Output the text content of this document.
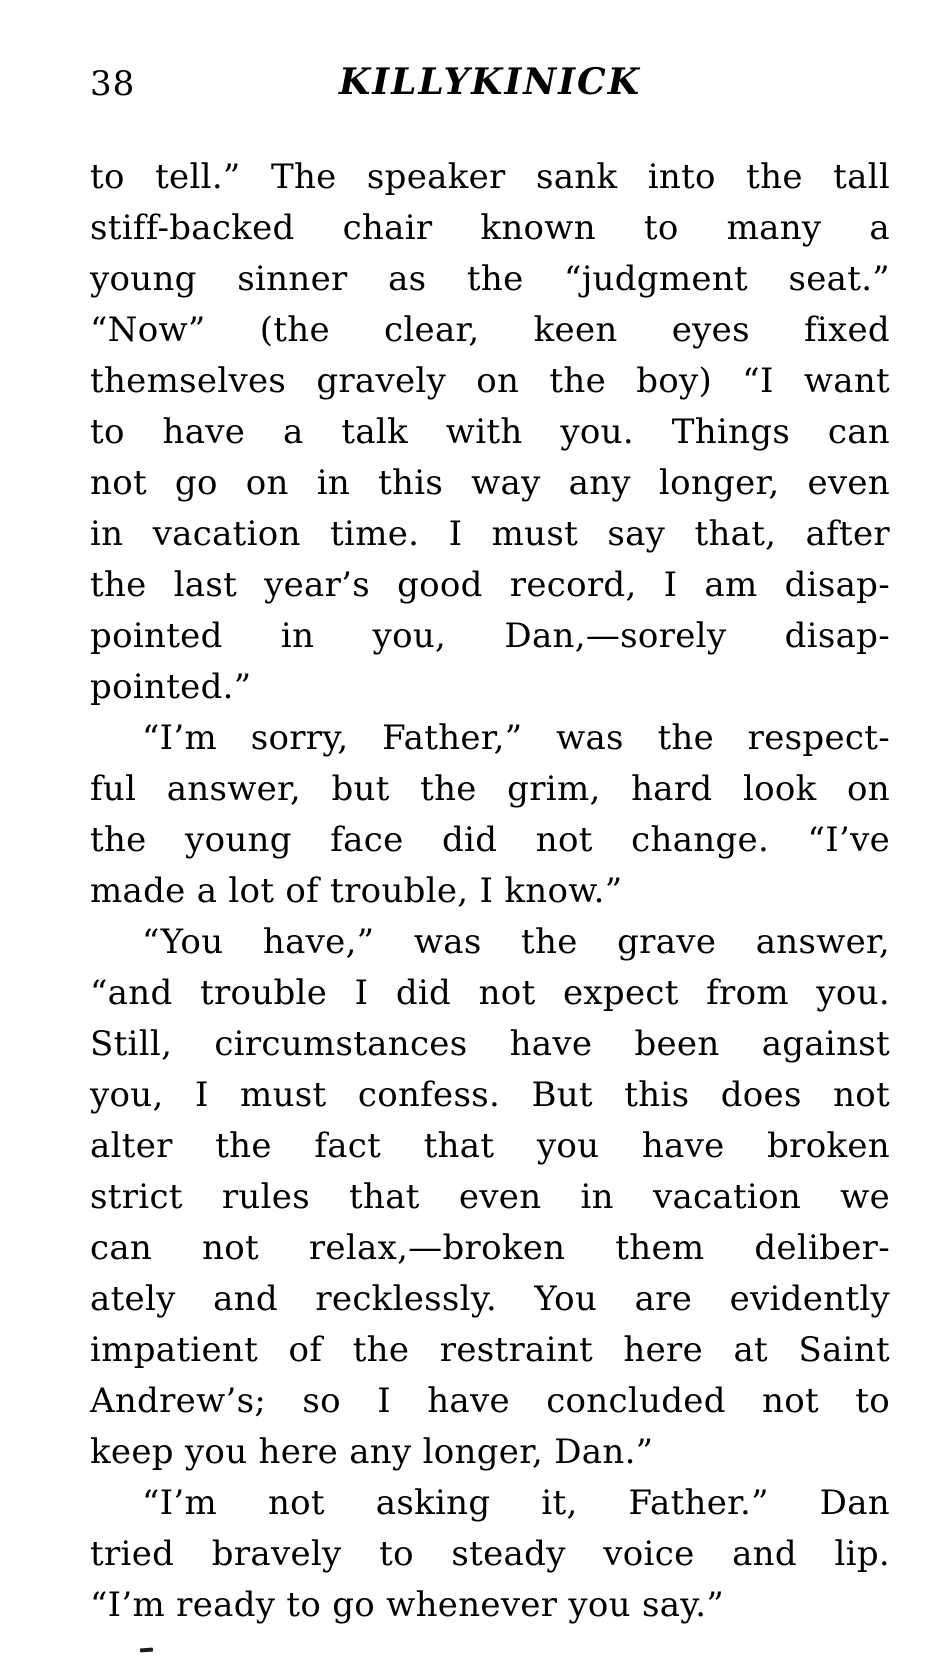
38	KILLYKINICK
to tell.” The speaker sank into the tall
stiff-backed chair known to many a
young sinner as the “judgment seat.”
“Now” (the clear, keen eyes fixed
themselves gravely on the boy) “I want
to have a talk with you. Things can
not go on in this way any longer, even
in vacation time. I must say that, after
the last year’s good record, I am disap-
pointed in you, Dan,—sorely disap-
pointed.”
“I’m sorry, Father,” was the respect-
ful answer, but the grim, hard look on
the young face did not change. “I’ve
made a lot of trouble, I know.”
“You have,” was the grave answer,
“and trouble I did not expect from you.
Still, circumstances have been against
you, I must confess. But this does not
alter the fact that you have broken
strict rules that even in vacation we
can not relax,—broken them deliber-
ately and recklessly. You are evidently
impatient of the restraint here at Saint
Andrew’s; so I have concluded not to
keep you here any longer, Dan.”
“I’m not asking it, Father.” Dan
tried bravely to steady voice and lip.
“I’m ready to go whenever you say.”
